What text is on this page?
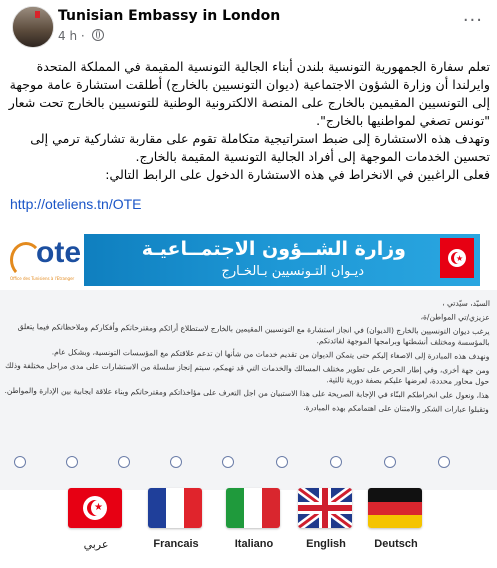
Tunisian Embassy in London
4 h ·
···

تعلم سفارة الجمهورية التونسية بلندن أبناء الجالية التونسية المقيمة في المملكة المتحدة وايرلندا أن وزارة الشؤون الاجتماعية (ديوان التونسيين بالخارج) أطلقت استشارة عامة موجهة إلى التونسيين المقيمين بالخارج على المنصة الالكترونية الوطنية للتونسيين بالخارج تحت شعار "تونس تصغي لمواطنيها بالخارج".

وتهدف هذه الاستشارة إلى ضبط استراتيجية متكاملة تقوم على مقاربة تشاركية ترمي إلى تحسين الخدمات الموجهة إلى أفراد الجالية التونسية المقيمة بالخارج.

فعلى الراغبين في الانخراط في هذه الاستشارة الدخول على الرابط التالي:

http://oteliens.tn/OTE
ote
Office des Tunisiens à l'Etranger
وزارة الشــؤون الاجتمــاعيـة
ديـوان التـونسيين بـالخـارج
★

السيّد، سيّدتي ،

عزيزي/تي المواطن/ة،

يرغب ديوان التونسيين بالخارج (الديوان) في انجاز استشارة مع التونسيين المقيمين بالخارج لاستطلاع أرائكم ومقترحاتكم وأفكاركم وملاحظاتكم فيما يتعلق بالمؤسسة ومختلف أنشطتها وبرامجها الموجهة لفائدتكم.

ونهدف هذه المبادرة إلى الاصغاء إليكم حتى يتمكن الديوان من تقديم خدمات من شأنها ان تدعم علاقتكم مع المؤسسات التونسية، وبشكل عام.

ومن جهة أخرى، وفي إطار الحرص على تطوير مختلف المسالك والخدمات التي قد تهمكم، سيتم إنجاز سلسلة من الاستشارات على مدى مراحل مختلفة وذلك حول محاور محددة، لعرضها عليكم بصفة دورية ثالثية.

هذا، ونعول على انخراطكم البنّاء في الإجابة الصريحة على هذا الاستبيان من اجل التعرف على مؤاخذاتكم ومقترحاتكم وبناء علاقة ايجابية بين الإدارة والمواطن.

وتقبلوا عبارات الشكر والامتنان على اهتمامكم بهذه المبادرة.

★
عربي	Francais	Italiano	English	Deutsch
